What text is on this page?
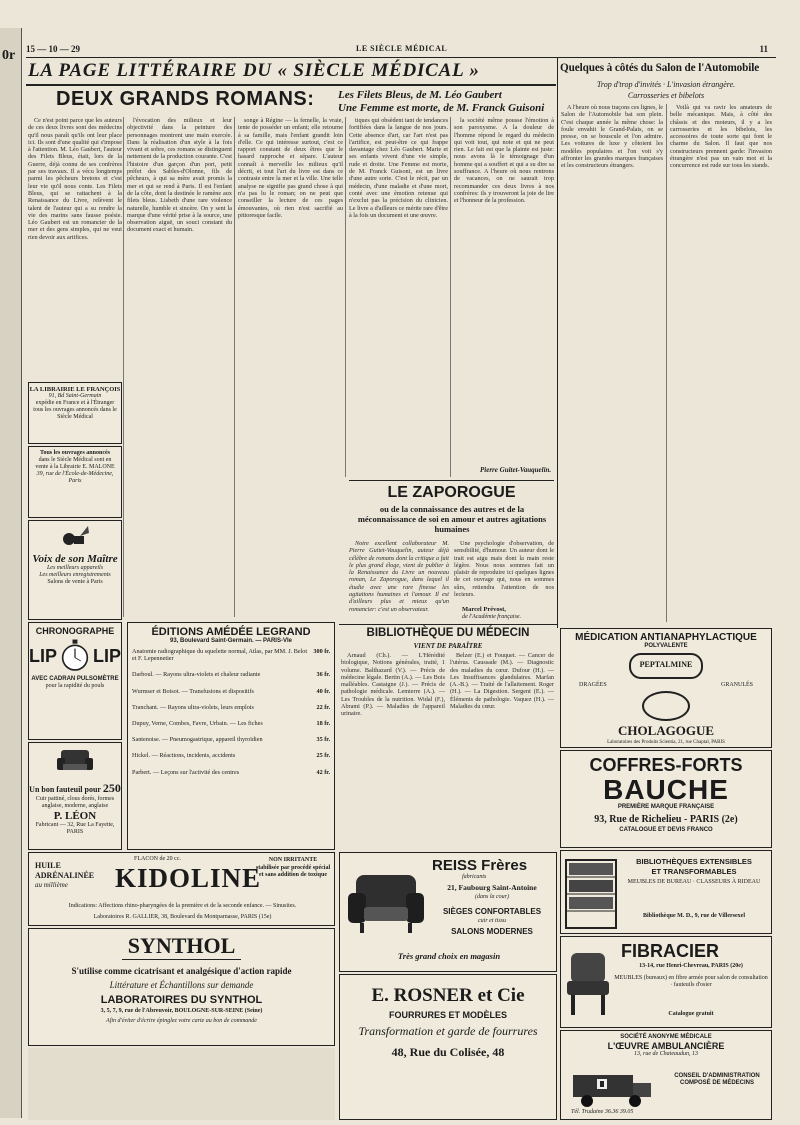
0r 15 — 10 — 29	LE SIÈCLE MÉDICAL	11
LA PAGE LITTÉRAIRE DU « SIÈCLE MÉDICAL »
DEUX GRANDS ROMANS: Les Filets Bleus, de M. Léo Gaubert
Une Femme est morte, de M. Franck Guisoni

Ce n'est point parce que les auteurs de ces deux livres sont des médecins qu'il nous paraît qu'ils ont leur place ici. Ils sont d'une qualité qui s'impose à l'attention. M. Léo Gaubert, l'auteur des Filets Bleus, était, lors de la Guerre, déjà connu de ses confrères par ses travaux. Il a vécu longtemps parmi les pêcheurs bretons et c'est leur vie qu'il nous conte. Les Filets Bleus, qui se rattachent à la Renaissance du Livre, relèvent le talent de l'auteur qui a su rendre la vie des marins sans fausse poésie. Léo Gaubert est un romancier de la mer et des gens simples, qui ne veut rien devoir aux artifices.

l'évocation des milieux et leur objectivité dans la peinture des personnages montrent une main exercée. Dans la réalisation d'un style à la fois vivant et sobre, ces romans se distinguent nettement de la production courante. C'est l'histoire d'un garçon d'un port, petit préfet des Sables-d'Olonne, fils de pêcheurs, à qui sa mère avait promis la mer et qui se rend à Paris. Il est l'enfant de la côte, dont la destinée le ramène aux filets bleus. Lisbeth d'une rare violence naturelle, humble et sincère. On y sent la marque d'une vérité prise à la source, une observation aiguë, un souci constant du document exact et humain.

songe à Régine — la femelle, la vraie, tente de posséder un enfant; elle retourne à sa famille, mais l'enfant grandit loin d'elle. Ce qui intéresse surtout, c'est ce rapport constant de deux êtres que le hasard rapproche et sépare. L'auteur connaît à merveille les milieux qu'il décrit, et tout l'art du livre est dans ce contraste entre la mer et la ville. Une telle analyse ne signifie pas grand chose à qui n'a pas lu le roman; on ne peut que conseiller la lecture de ces pages émouvantes, où rien n'est sacrifié au pittoresque facile.

tiques qui obsèdent tant de tendances fortifiées dans la langue de nos jours. Cette absence d'art, car l'art n'est pas l'artifice, est peut-être ce qui frappe davantage chez Léo Gaubert. Marie et ses enfants vivent d'une vie simple, rude et droite. Une Femme est morte, de M. Franck Guisoni, est un livre d'une autre sorte. C'est le récit, par un médecin, d'une maladie et d'une mort, conté avec une émotion retenue qui n'exclut pas la précision du clinicien. Le livre a d'ailleurs ce mérite rare d'être à la fois un document et une œuvre.

la société même pousse l'émotion à son paroxysme. A la douleur de l'homme répond le regard du médecin qui voit tout, qui note et qui ne peut rien. Le fait est que la plainte est juste: nous avons là le témoignage d'un homme qui a souffert et qui a su dire sa souffrance. A l'heure où nous rentrons de vacances, on ne saurait trop recommander ces deux livres à nos confrères: ils y trouveront la joie de lire et l'honneur de la profession.

Pierre Guitet-Vauquelin.
LA LIBRAIRIE LE FRANÇOIS
91, Bd Saint-Germain
expédie en France et à l'Étranger tous les ouvrages annoncés dans le Siècle Médical
Tous les ouvrages annoncés
dans le Siècle Médical sont en vente à la Librairie E. MALONE
39, rue de l'École-de-Médecine, Paris
Voix de son Maître
Les meilleurs appareils
Les meilleurs enregistrements
Salons de vente à Paris
CHRONOGRAPHE
LIP LIP
AVEC CADRAN PULSOMÈTRE
pour la rapidité du pouls
Un bon fauteuil pour 250
Cuir pattiné, clous dorés, formes anglaise, moderne, anglaise
P. LÉON
Fabricant — 32, Rue La Fayette, PARIS
ÉDITIONS AMÉDÉE LEGRAND
93, Boulevard Saint-Germain. — PARIS-VIe
Anatomie radiographique du squelette normal, Atlas, par MM. J. Belot et F. Lepennetier
300 fr.
Darboul. — Rayons ultra-violets et chaleur radiante	36 fr.
Wurmser et Boisot. — Transfusions et dispositifs	40 fr.
Tranchant. — Rayons ultra-violets, leurs emplois	22 fr.
Dupuy, Verne, Combes, Favre, Urbain. — Les fiches	18 fr.
Santenoise. — Pneumogastrique, appareil thyroïdien	35 fr.
Hickel. — Réactions, incidents, accidents	25 fr.
Parbert. — Leçons sur l'activité des centres	42 fr.
LE ZAPOROGUE
ou de la connaissance des autres et de la méconnaissance de soi en amour et autres agitations humaines

Notre excellent collaborateur M. Pierre Guitet-Vauquelin, auteur déjà célèbre de romans dont la critique a fait le plus grand éloge, vient de publier à la Renaissance du Livre un nouveau roman, Le Zaporogue, dans lequel il étudie avec une rare finesse les agitations humaines et l'amour. Il est d'ailleurs plus et mieux qu'un romancier: c'est un observateur.

Une psychologie d'observation, de sensibilité, d'humour. Un auteur dont le trait est aigu mais dont la main reste légère. Nous nous sommes fait un plaisir de reproduire ici quelques lignes de cet ouvrage qui, nous en sommes sûrs, retiendra l'attention de nos lecteurs.

Marcel Prévost,
de l'Académie française.
BIBLIOTHÈQUE DU MÉDECIN
VIENT DE PARAÎTRE

Arnaud (Ch.). — L'Hérédité biologique, Notions générales, traité, 1 volume. Balthazard (V.). — Précis de médecine légale. Bertin (A.). — Les Bois malléables. Castaigne (J.). — Précis de pathologie médicale. Lemierre (A.). — Les Troubles de la nutrition. Widal (F.), Abrami (P.). — Maladies de l'appareil urinaire.

Belzer (E.) et Fouquet. — Cancer de l'utérus. Caussade (M.). — Diagnostic des maladies du cœur. Dufour (H.). — Les Insuffisances glandulaires. Marfan (A.-B.). — Traité de l'allaitement. Roger (H.). — La Digestion. Sergent (E.). — Éléments de pathologie. Vaquez (H.). — Maladies du cœur.

HUILE
ADRÉNALINÉE
au millième
FLACON de 20 cc.
KIDOLINE
NON IRRITANTE
stabilisée par procédé spécial et sans addition de toxique
Indications: Affections rhino-pharyngées de la première et de la seconde enfance. — Sinusites.
Laboratoires R. GALLIER, 38, Boulevard du Montparnasse, PARIS (15e)
SYNTHOL
S'utilise comme cicatrisant et analgésique d'action rapide
Littérature et Échantillons sur demande
LABORATOIRES DU SYNTHOL
3, 5, 7, 9, rue de l'Abreuvoir, BOULOGNE-SUR-SEINE (Seine)
Afin d'éviter d'écrire épinglez votre carte au bon de commande
REISS Frères
fabricants
21, Faubourg Saint-Antoine
(dans la cour)
SIÈGES CONFORTABLES
cuir et tissu
SALONS MODERNES
Très grand choix en magasin
E. ROSNER et Cie
FOURRURES ET MODÈLES
Transformation et garde de fourrures
48, Rue du Colisée, 48
Quelques à côtés du Salon de l'Automobile
Trop d'trop d'invités · L'invasion étrangère.
Carrosseries et bibelots

A l'heure où nous traçons ces lignes, le Salon de l'Automobile bat son plein. C'est chaque année la même chose: la foule envahit le Grand-Palais, on se presse, on se bouscule et l'on admire. Les voitures de luxe y côtoient les modèles populaires et l'on voit s'y affronter les grandes marques françaises et les constructeurs étrangers.

Voilà qui va ravir les amateurs de belle mécanique. Mais, à côté des châssis et des moteurs, il y a les carrosseries et les bibelots, les accessoires de toute sorte qui font le charme du Salon. Il faut que nos constructeurs prennent garde: l'invasion étrangère n'est pas un vain mot et la concurrence est rude sur tous les stands.

MÉDICATION ANTIANAPHYLACTIQUE
POLYVALENTE
PEPTALMINE
DRAGÉES	GRANULÉS
CHOLAGOGUE
Laboratoires des Produits Scientia, 21, rue Chaptal, PARIS
COFFRES-FORTS
BAUCHE
PREMIÈRE MARQUE FRANÇAISE
93, Rue de Richelieu - PARIS (2e)
CATALOGUE ET DEVIS FRANCO
BIBLIOTHÈQUES EXTENSIBLES
ET TRANSFORMABLES
MEUBLES DE BUREAU · CLASSEURS À RIDEAU
Bibliothèque M. D., 9, rue de Villersexel
FIBRACIER
13-14, rue Henri-Chevreau, PARIS (20e)
MEUBLES (bureaux) en fibre armée pour salon de consultation · fauteuils d'osier
Catalogue gratuit
SOCIÉTÉ ANONYME MÉDICALE
L'ŒUVRE AMBULANCIÈRE
13, rue de Chateaudun, 13
CONSEIL D'ADMINISTRATION COMPOSÉ DE MÉDECINS
Tél. Trudaine 36.36 39.05
